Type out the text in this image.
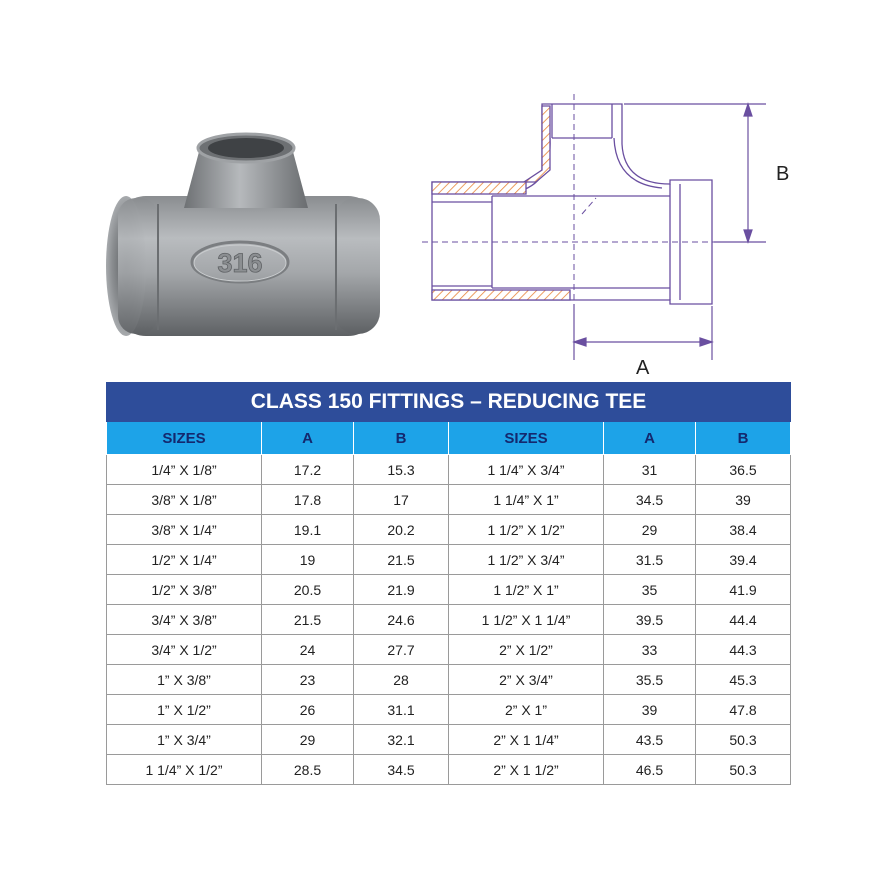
316
B
A
CLASS 150 FITTINGS – REDUCING TEE					
SIZES	A	B	SIZES	A	B
1/4” X 1/8”	17.2	15.3	1 1/4” X 3/4”	31	36.5
3/8” X 1/8”	17.8	17	1 1/4” X 1”	34.5	39
3/8” X 1/4”	19.1	20.2	1 1/2” X 1/2”	29	38.4
1/2” X 1/4”	19	21.5	1 1/2” X 3/4”	31.5	39.4
1/2” X 3/8”	20.5	21.9	1 1/2” X 1”	35	41.9
3/4” X 3/8”	21.5	24.6	1 1/2” X 1 1/4”	39.5	44.4
3/4” X 1/2”	24	27.7	2” X 1/2”	33	44.3
1” X 3/8”	23	28	2” X 3/4”	35.5	45.3
1” X 1/2”	26	31.1	2” X 1”	39	47.8
1” X 3/4”	29	32.1	2” X 1 1/4”	43.5	50.3
1 1/4” X 1/2”	28.5	34.5	2” X 1 1/2”	46.5	50.3
